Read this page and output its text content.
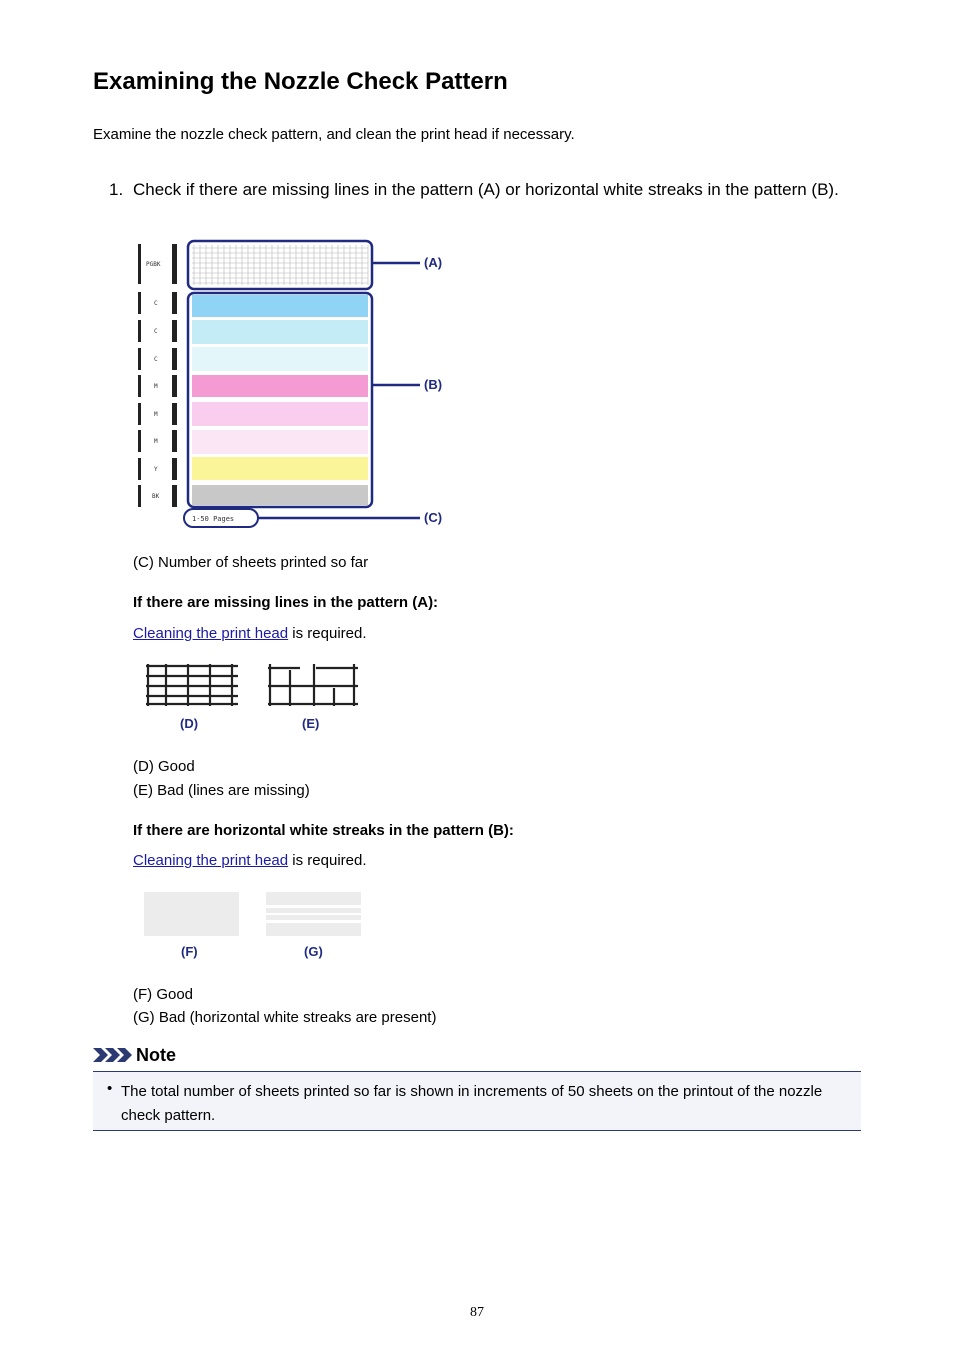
Examining the Nozzle Check Pattern
Examine the nozzle check pattern, and clean the print head if necessary.
1. Check if there are missing lines in the pattern (A) or horizontal white streaks in the pattern (B).
PGBK
C
C
C
M
M
M
Y
BK
1-50 Pages
(A)
(B)
(C)
(C) Number of sheets printed so far
If there are missing lines in the pattern (A):
Cleaning the print head is required.
(D)	(E)
(D) Good
(E) Bad (lines are missing)
If there are horizontal white streaks in the pattern (B):
Cleaning the print head is required.
(F)	(G)
(F) Good
(G) Bad (horizontal white streaks are present)
Note
• The total number of sheets printed so far is shown in increments of 50 sheets on the printout of the nozzle check pattern.
87
